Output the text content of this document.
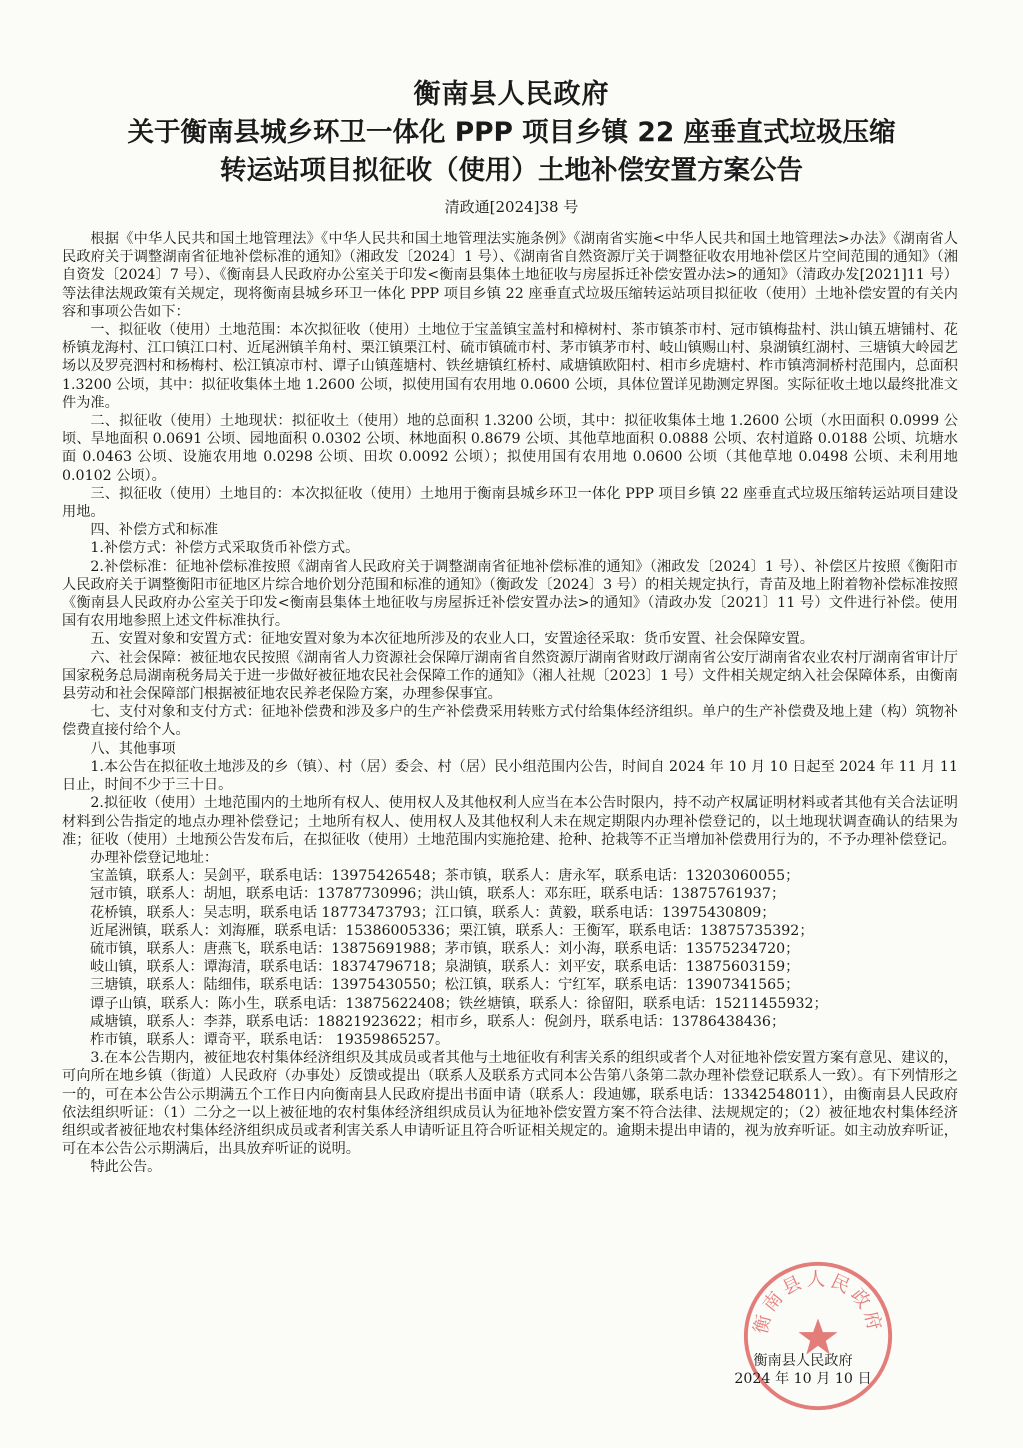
衡南县人民政府
关于衡南县城乡环卫一体化 PPP 项目乡镇 22 座垂直式垃圾压缩
转运站项目拟征收（使用）土地补偿安置方案公告
清政通[2024]38 号

根据《中华人民共和国土地管理法》《中华人民共和国土地管理法实施条例》《湖南省实施<中华人民共和国土地管理法>办法》《湖南省人民政府关于调整湖南省征地补偿标准的通知》（湘政发〔2024〕1 号）、《湖南省自然资源厅关于调整征收农用地补偿区片空间范围的通知》（湘自资发〔2024〕7 号）、《衡南县人民政府办公室关于印发<衡南县集体土地征收与房屋拆迁补偿安置办法>的通知》（清政办发[2021]11 号）等法律法规政策有关规定，现将衡南县城乡环卫一体化 PPP 项目乡镇 22 座垂直式垃圾压缩转运站项目拟征收（使用）土地补偿安置的有关内容和事项公告如下：

一、拟征收（使用）土地范围：本次拟征收（使用）土地位于宝盖镇宝盖村和樟树村、茶市镇茶市村、冠市镇梅盐村、洪山镇五塘铺村、花桥镇龙海村、江口镇江口村、近尾洲镇羊角村、栗江镇栗江村、硫市镇硫市村、茅市镇茅市村、岐山镇赐山村、泉湖镇红湖村、三塘镇大岭园艺场以及罗亮泗村和杨梅村、松江镇凉市村、谭子山镇莲塘村、铁丝塘镇红桥村、咸塘镇欧阳村、相市乡虎塘村、柞市镇湾洞桥村范围内，总面积 1.3200 公顷，其中：拟征收集体土地 1.2600 公顷，拟使用国有农用地 0.0600 公顷，具体位置详见勘测定界图。实际征收土地以最终批准文件为准。

二、拟征收（使用）土地现状：拟征收土（使用）地的总面积 1.3200 公顷，其中：拟征收集体土地 1.2600 公顷（水田面积 0.0999 公顷、旱地面积 0.0691 公顷、园地面积 0.0302 公顷、林地面积 0.8679 公顷、其他草地面积 0.0888 公顷、农村道路 0.0188 公顷、坑塘水面 0.0463 公顷、设施农用地 0.0298 公顷、田坎 0.0092 公顷）；拟使用国有农用地 0.0600 公顷（其他草地 0.0498 公顷、未利用地 0.0102 公顷）。

三、拟征收（使用）土地目的：本次拟征收（使用）土地用于衡南县城乡环卫一体化 PPP 项目乡镇 22 座垂直式垃圾压缩转运站项目建设用地。

四、补偿方式和标准

1.补偿方式：补偿方式采取货币补偿方式。

2.补偿标准：征地补偿标准按照《湖南省人民政府关于调整湖南省征地补偿标准的通知》（湘政发〔2024〕1 号）、补偿区片按照《衡阳市人民政府关于调整衡阳市征地区片综合地价划分范围和标准的通知》（衡政发〔2024〕3 号）的相关规定执行，青苗及地上附着物补偿标准按照《衡南县人民政府办公室关于印发<衡南县集体土地征收与房屋拆迁补偿安置办法>的通知》（清政办发〔2021〕11 号）文件进行补偿。使用国有农用地参照上述文件标准执行。

五、安置对象和安置方式：征地安置对象为本次征地所涉及的农业人口，安置途径采取：货币安置、社会保障安置。

六、社会保障：被征地农民按照《湖南省人力资源社会保障厅湖南省自然资源厅湖南省财政厅湖南省公安厅湖南省农业农村厅湖南省审计厅国家税务总局湖南税务局关于进一步做好被征地农民社会保障工作的通知》（湘人社规〔2023〕1 号）文件相关规定纳入社会保障体系，由衡南县劳动和社会保障部门根据被征地农民养老保险方案，办理参保事宜。

七、支付对象和支付方式：征地补偿费和涉及多户的生产补偿费采用转账方式付给集体经济组织。单户的生产补偿费及地上建（构）筑物补偿费直接付给个人。

八、其他事项

1.本公告在拟征收土地涉及的乡（镇）、村（居）委会、村（居）民小组范围内公告，时间自 2024 年 10 月 10 日起至 2024 年 11 月 11 日止，时间不少于三十日。

2.拟征收（使用）土地范围内的土地所有权人、使用权人及其他权利人应当在本公告时限内，持不动产权属证明材料或者其他有关合法证明材料到公告指定的地点办理补偿登记；土地所有权人、使用权人及其他权利人未在规定期限内办理补偿登记的，以土地现状调查确认的结果为准；征收（使用）土地预公告发布后，在拟征收（使用）土地范围内实施抢建、抢种、抢栽等不正当增加补偿费用行为的，不予办理补偿登记。

办理补偿登记地址：

宝盖镇，联系人：吴剑平，联系电话：13975426548；茶市镇，联系人：唐永军，联系电话：13203060055；
冠市镇，联系人：胡旭，联系电话：13787730996；洪山镇，联系人：邓东旺，联系电话：13875761937；
花桥镇，联系人：吴志明，联系电话 18773473793；江口镇，联系人：黄毅，联系电话：13975430809；
近尾洲镇，联系人：刘海雁，联系电话：15386005336；栗江镇，联系人：王衡军，联系电话：13875735392；
硫市镇，联系人：唐燕飞，联系电话：13875691988；茅市镇，联系人：刘小海，联系电话：13575234720；
岐山镇，联系人：谭海清，联系电话：18374796718；泉湖镇，联系人：刘平安，联系电话：13875603159；
三塘镇，联系人：陆细伟，联系电话：13975430550；松江镇，联系人：宁红军，联系电话：13907341565；
谭子山镇，联系人：陈小生，联系电话：13875622408；铁丝塘镇，联系人：徐留阳，联系电话：15211455932；
咸塘镇，联系人：李莽，联系电话：18821923622；相市乡，联系人：倪剑丹，联系电话：13786438436；
柞市镇，联系人：谭奇平，联系电话： 19359865257。

3.在本公告期内，被征地农村集体经济组织及其成员或者其他与土地征收有利害关系的组织或者个人对征地补偿安置方案有意见、建议的，可向所在地乡镇（街道）人民政府（办事处）反馈或提出（联系人及联系方式同本公告第八条第二款办理补偿登记联系人一致）。有下列情形之一的，可在本公告公示期满五个工作日内向衡南县人民政府提出书面申请（联系人：段迪娜，联系电话：13342548011），由衡南县人民政府依法组织听证：（1）二分之一以上被征地的农村集体经济组织成员认为征地补偿安置方案不符合法律、法规规定的；（2）被征地农村集体经济组织或者被征地农村集体经济组织成员或者利害关系人申请听证且符合听证相关规定的。逾期未提出申请的，视为放弃听证。如主动放弃听证，可在本公告公示期满后，出具放弃听证的说明。

特此公告。

衡南县人民政府
衡南县人民政府
2024 年 10 月 10 日
